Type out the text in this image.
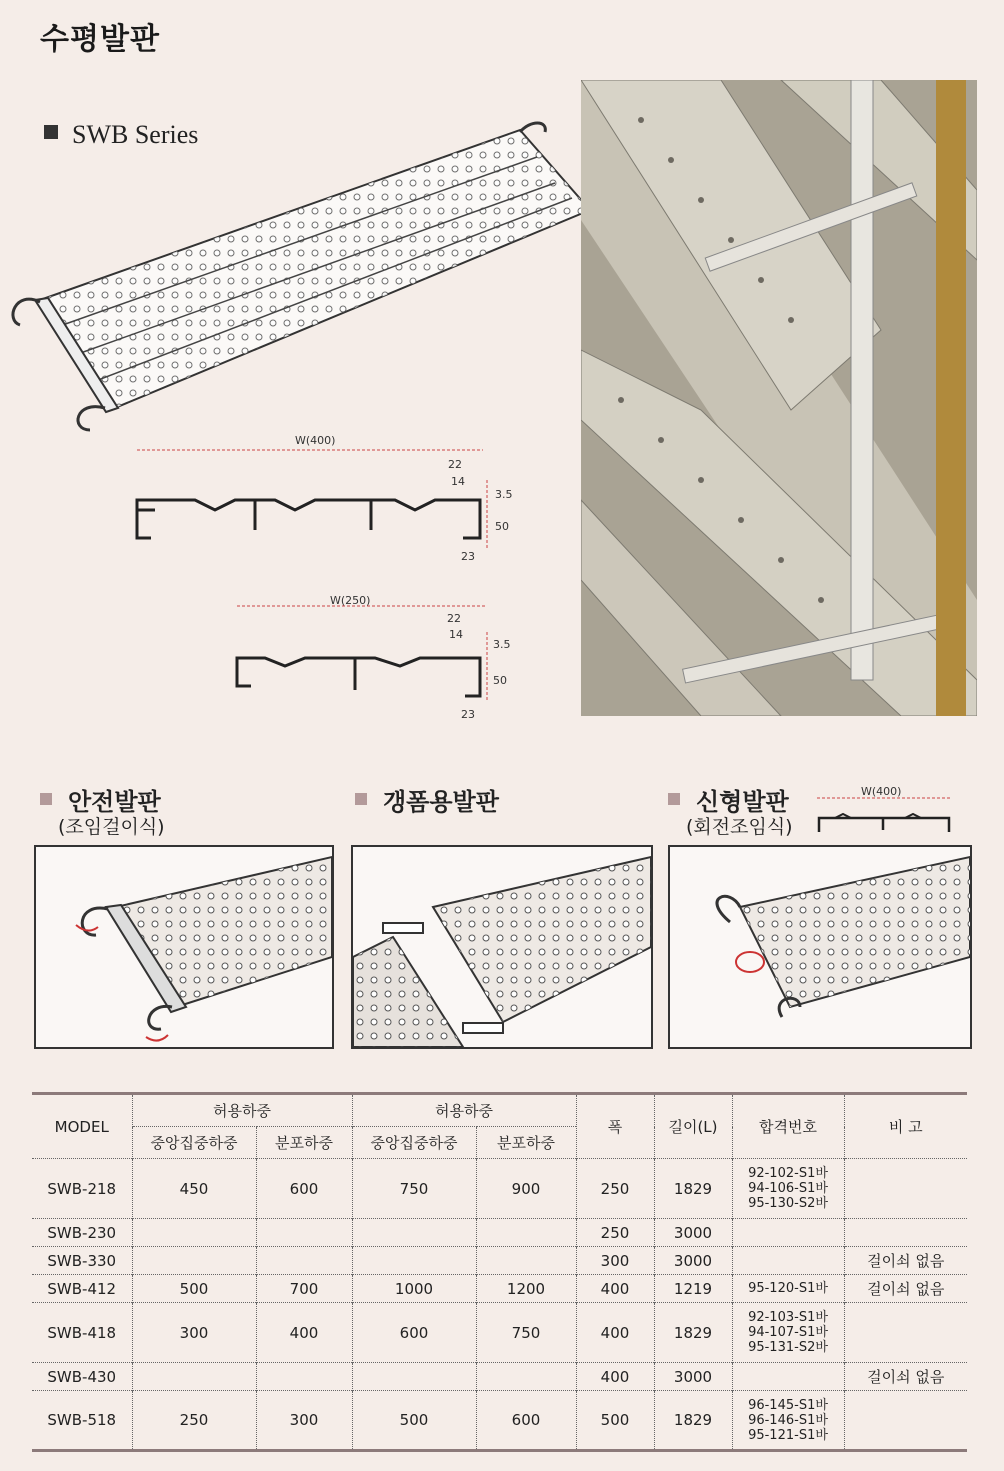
수평발판
SWB Series
W(400)
22
14
3.5
50
23
W(250)
22
14
3.5
50
23
안전발판
(조임걸이식)
갱폼용발판	신형발판
(회전조임식)
W(400)
MODEL	허용하중		허용하중		폭	길이(L)	합격번호	비 고
	중앙집중하중	분포하중	중앙집중하중	분포하중				
SWB-218	450	600	750	900	250	1829	92-102-S1바
94-106-S1바
95-130-S2바	

SWB-230					250	3000		
SWB-330					300	3000		걸이쇠 없음
SWB-412	500	700	1000	1200	400	1219	95-120-S1바	걸이쇠 없음
SWB-418	300	400	600	750	400	1829	92-103-S1바
94-107-S1바
95-131-S2바	

SWB-430					400	3000		걸이쇠 없음
SWB-518	250	300	500	600	500	1829	96-145-S1바
96-146-S1바
95-121-S1바	
